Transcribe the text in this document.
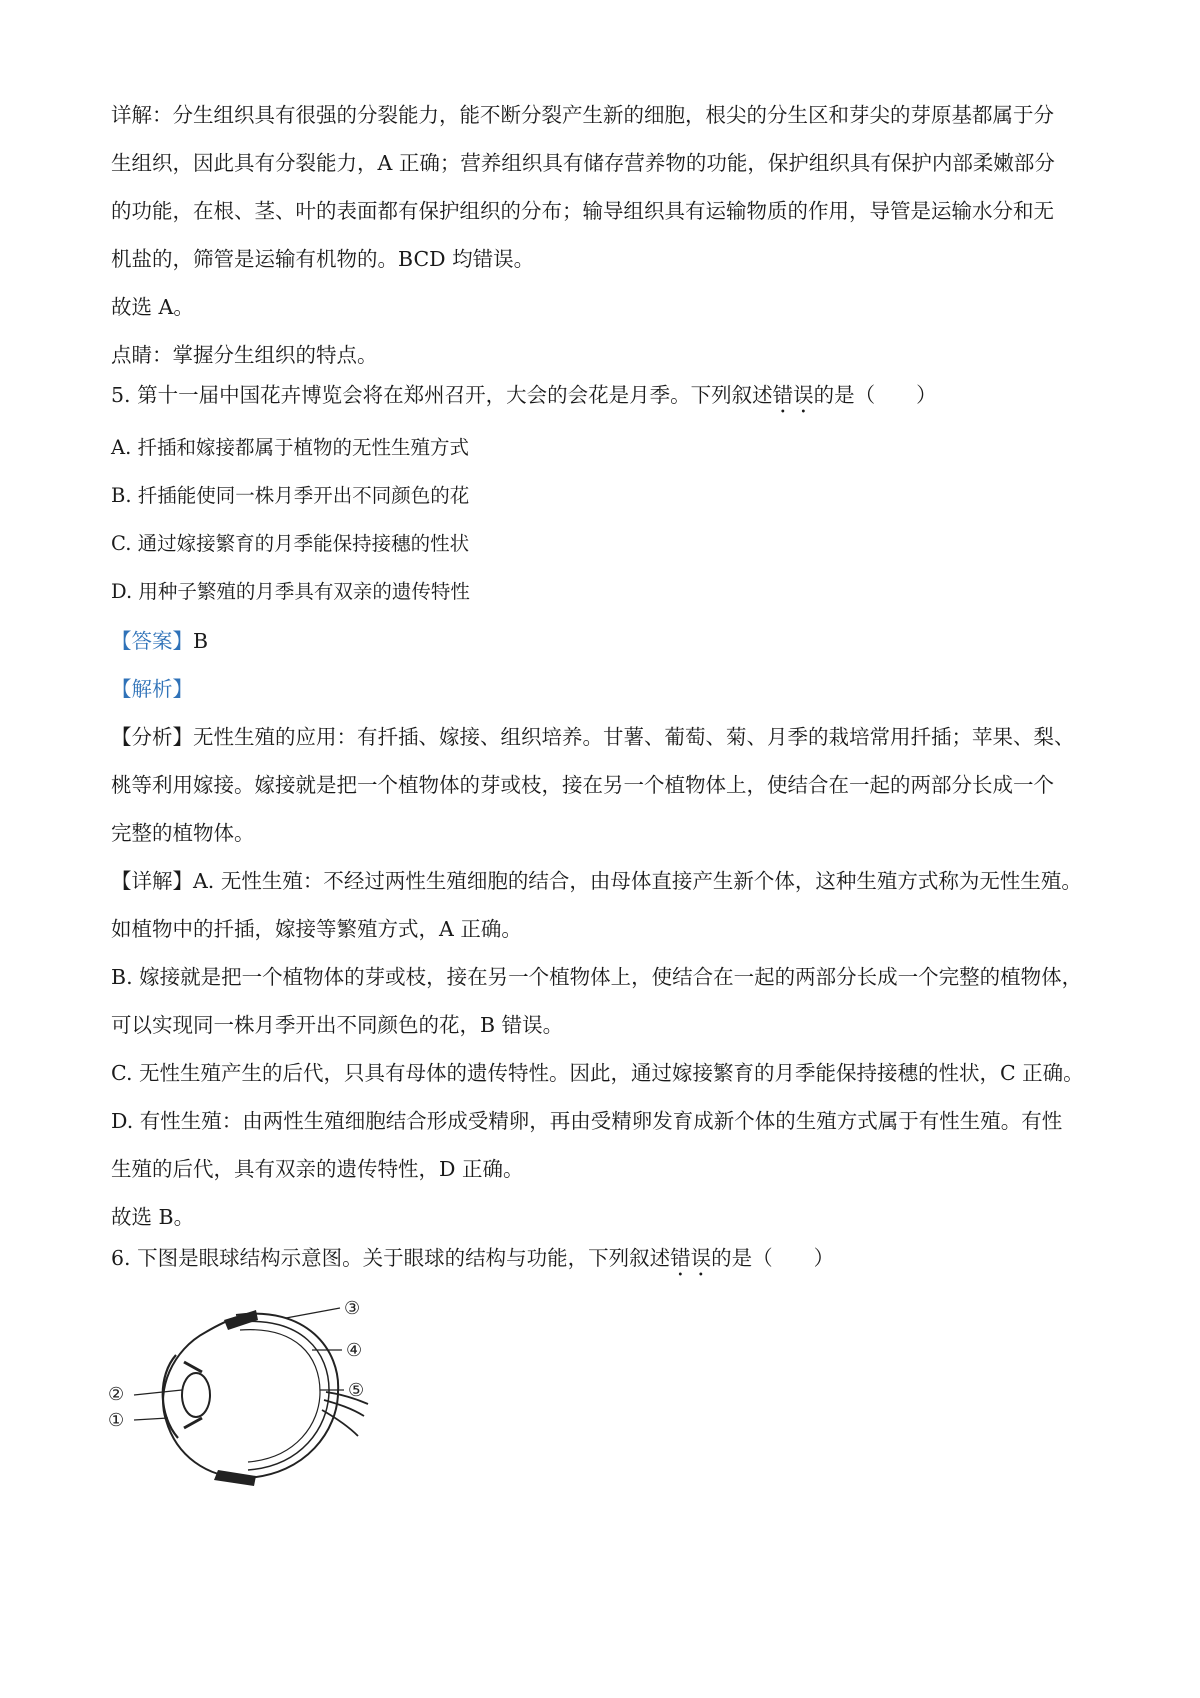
详解：分生组织具有很强的分裂能力，能不断分裂产生新的细胞，根尖的分生区和芽尖的芽原基都属于分
生组织，因此具有分裂能力，A 正确；营养组织具有储存营养物的功能，保护组织具有保护内部柔嫩部分
的功能，在根、茎、叶的表面都有保护组织的分布；输导组织具有运输物质的作用，导管是运输水分和无
机盐的，筛管是运输有机物的。BCD 均错误。
故选 A。
点睛：掌握分生组织的特点。
5. 第十一届中国花卉博览会将在郑州召开，大会的会花是月季。下列叙述错误的是（　　）
A. 扦插和嫁接都属于植物的无性生殖方式
B. 扦插能使同一株月季开出不同颜色的花
C. 通过嫁接繁育的月季能保持接穗的性状
D. 用种子繁殖的月季具有双亲的遗传特性
【答案】B
【解析】
【分析】无性生殖的应用：有扦插、嫁接、组织培养。甘薯、葡萄、菊、月季的栽培常用扦插；苹果、梨、
桃等利用嫁接。嫁接就是把一个植物体的芽或枝，接在另一个植物体上，使结合在一起的两部分长成一个
完整的植物体。
【详解】A. 无性生殖：不经过两性生殖细胞的结合，由母体直接产生新个体，这种生殖方式称为无性生殖。
如植物中的扦插，嫁接等繁殖方式，A 正确。
B. 嫁接就是把一个植物体的芽或枝，接在另一个植物体上，使结合在一起的两部分长成一个完整的植物体，
可以实现同一株月季开出不同颜色的花，B 错误。
C. 无性生殖产生的后代，只具有母体的遗传特性。因此，通过嫁接繁育的月季能保持接穗的性状，C 正确。
D. 有性生殖：由两性生殖细胞结合形成受精卵，再由受精卵发育成新个体的生殖方式属于有性生殖。有性
生殖的后代，具有双亲的遗传特性，D 正确。
故选 B。
6. 下图是眼球结构示意图。关于眼球的结构与功能，下列叙述错误的是（　　）
③
④
⑤
②
①
